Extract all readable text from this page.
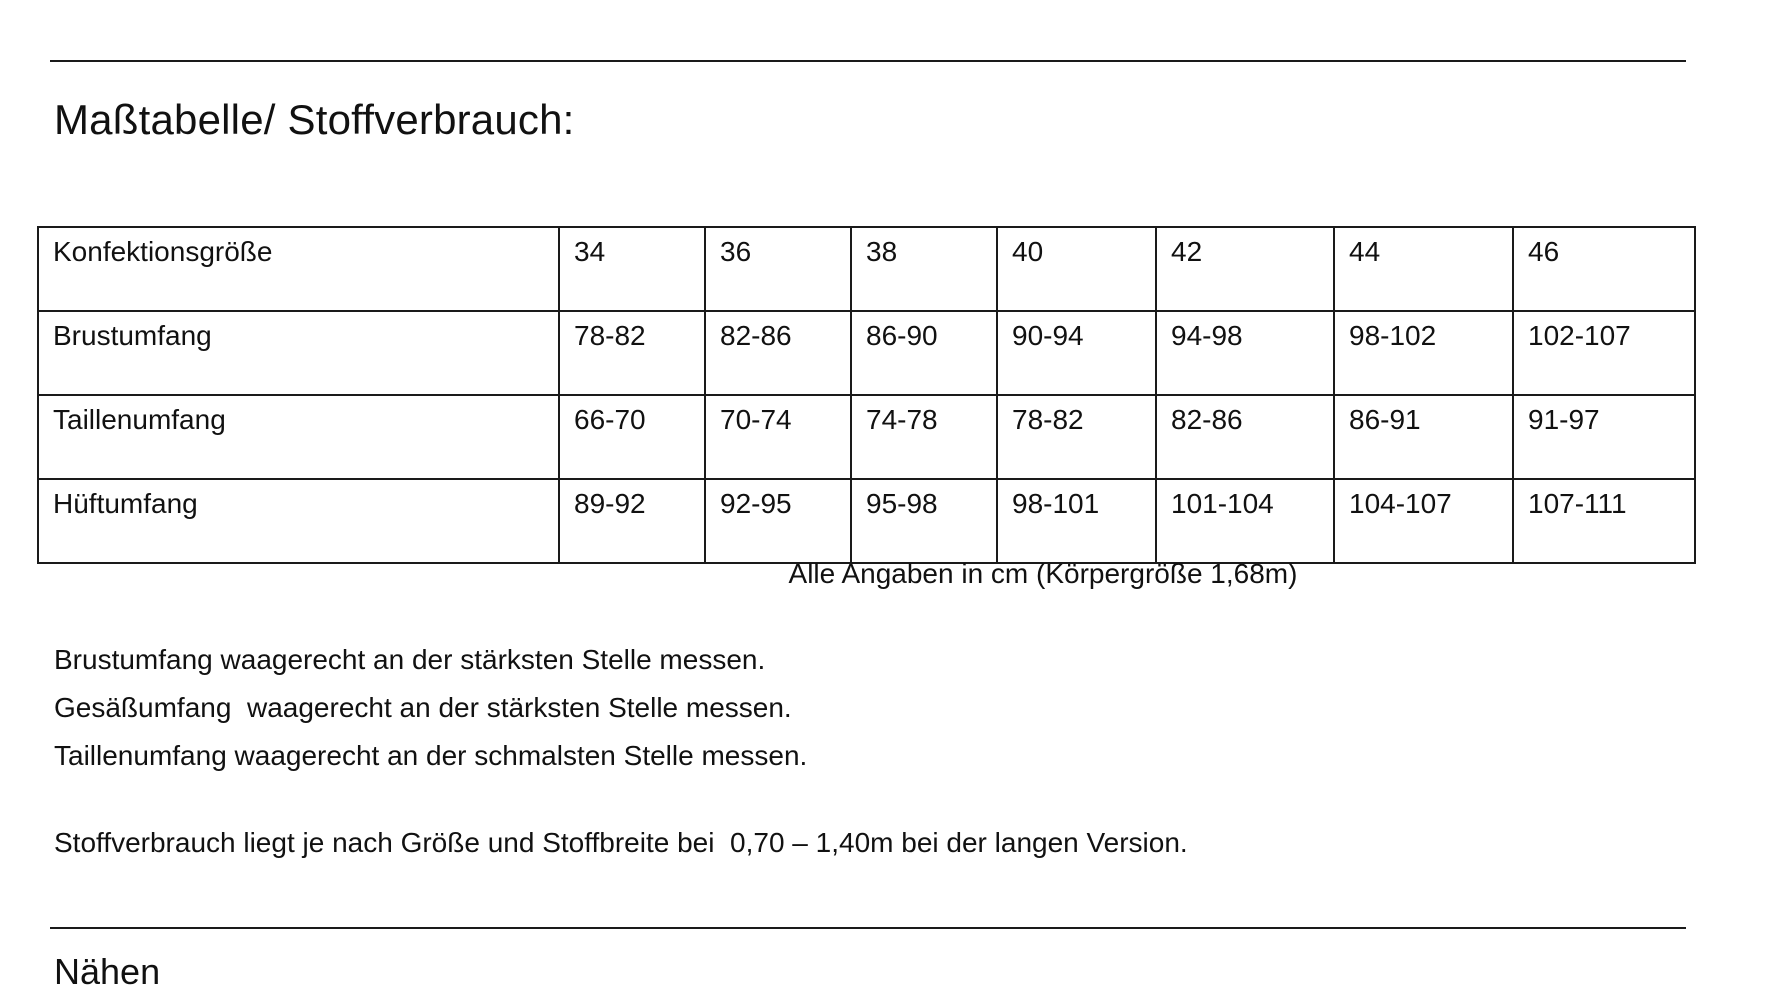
Maßtabelle/ Stoffverbrauch:
Konfektionsgröße	34	36	38	40	42	44	46
Brustumfang	78-82	82-86	86-90	90-94	94-98	98-102	102-107
Taillenumfang	66-70	70-74	74-78	78-82	82-86	86-91	91-97
Hüftumfang	89-92	92-95	95-98	98-101	101-104	104-107	107-111
Alle Angaben in cm (Körpergröße 1,68m)

Brustumfang waagerecht an der stärksten Stelle messen.

Gesäßumfang  waagerecht an der stärksten Stelle messen.

Taillenumfang waagerecht an der schmalsten Stelle messen.

Stoffverbrauch liegt je nach Größe und Stoffbreite bei  0,70 – 1,40m bei der langen Version.

Nähen
